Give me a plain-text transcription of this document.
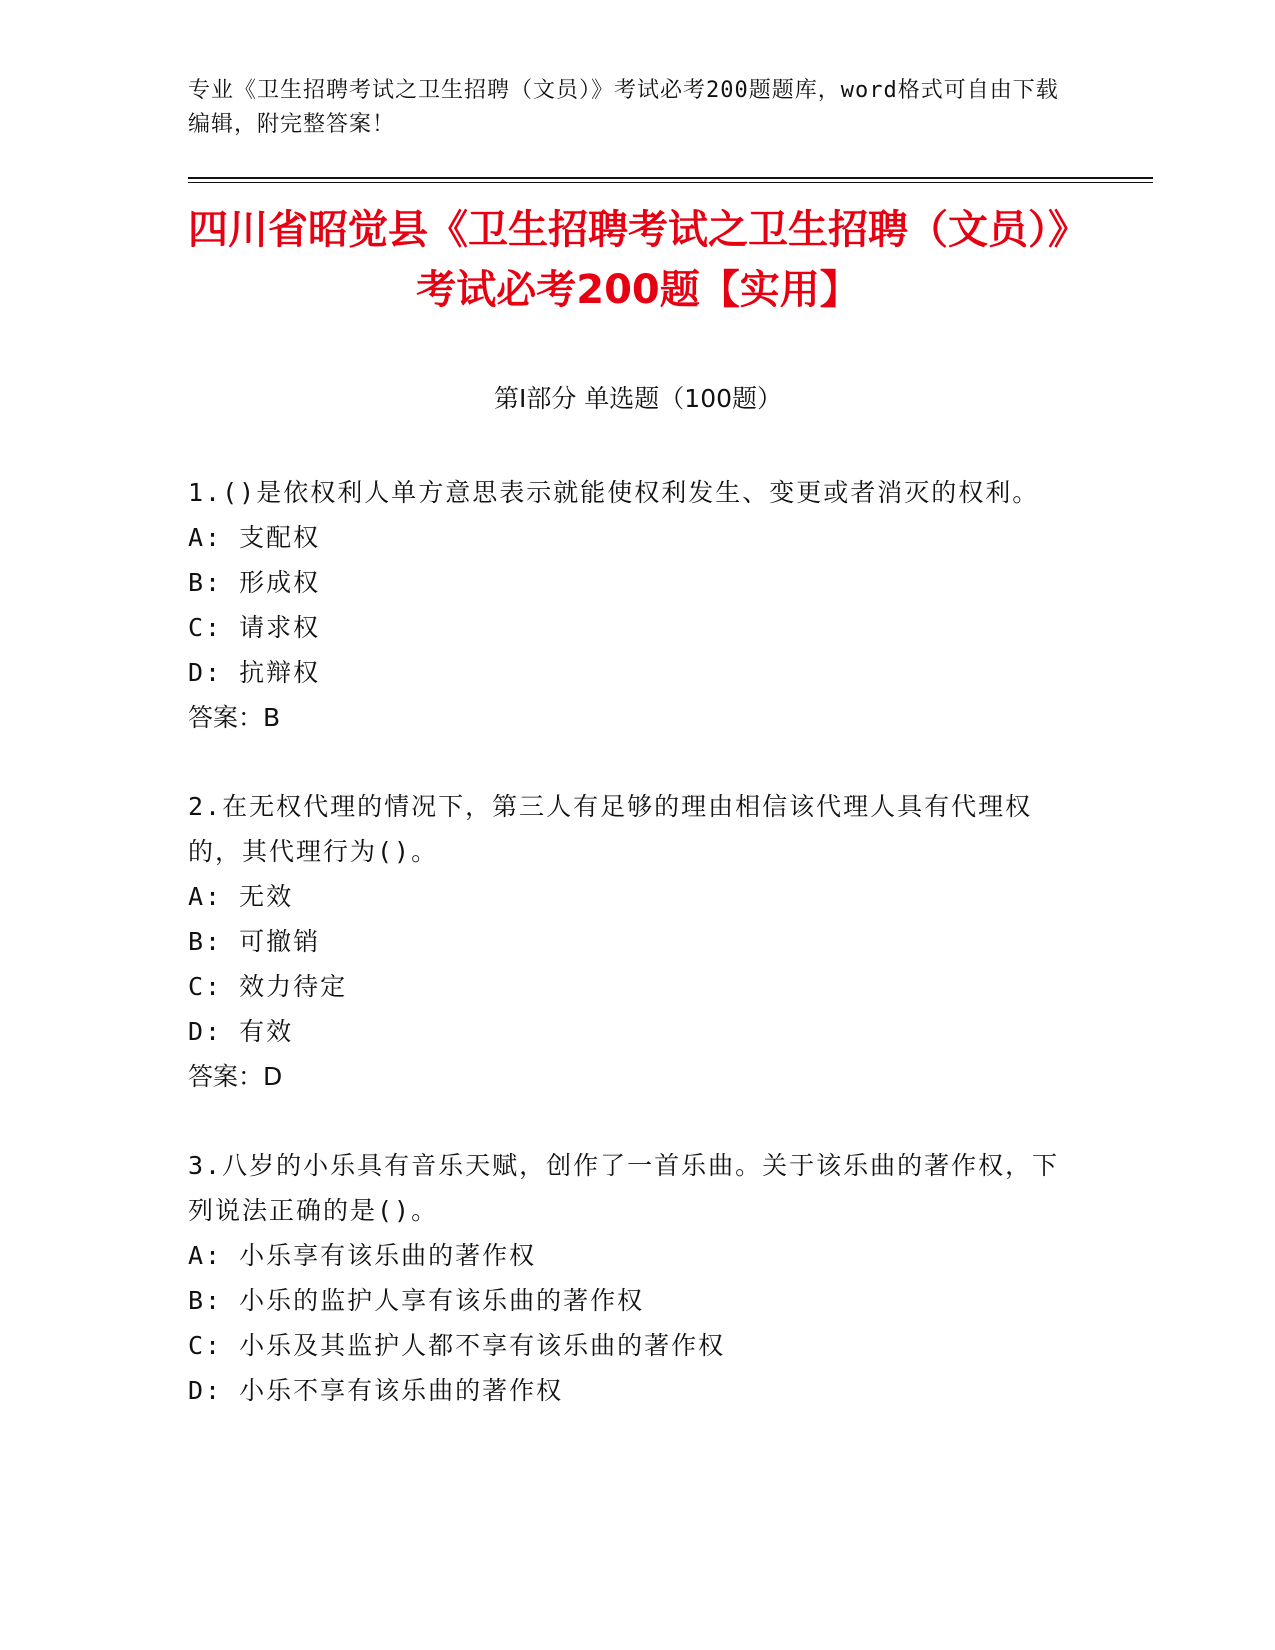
专业《卫生招聘考试之卫生招聘（文员）》考试必考200题题库，word格式可自由下载编辑，附完整答案！
四川省昭觉县《卫生招聘考试之卫生招聘（文员）》考试必考200题【实用】
第Ⅰ部分 单选题（100题）

1.()是依权利人单方意思表示就能使权利发生、变更或者消灭的权利。

A: 支配权

B: 形成权

C: 请求权

D: 抗辩权

答案：B

2.在无权代理的情况下，第三人有足够的理由相信该代理人具有代理权的，其代理行为()。

A: 无效

B: 可撤销

C: 效力待定

D: 有效

答案：D

3.八岁的小乐具有音乐天赋，创作了一首乐曲。关于该乐曲的著作权，下列说法正确的是()。

A: 小乐享有该乐曲的著作权

B: 小乐的监护人享有该乐曲的著作权

C: 小乐及其监护人都不享有该乐曲的著作权

D: 小乐不享有该乐曲的著作权
